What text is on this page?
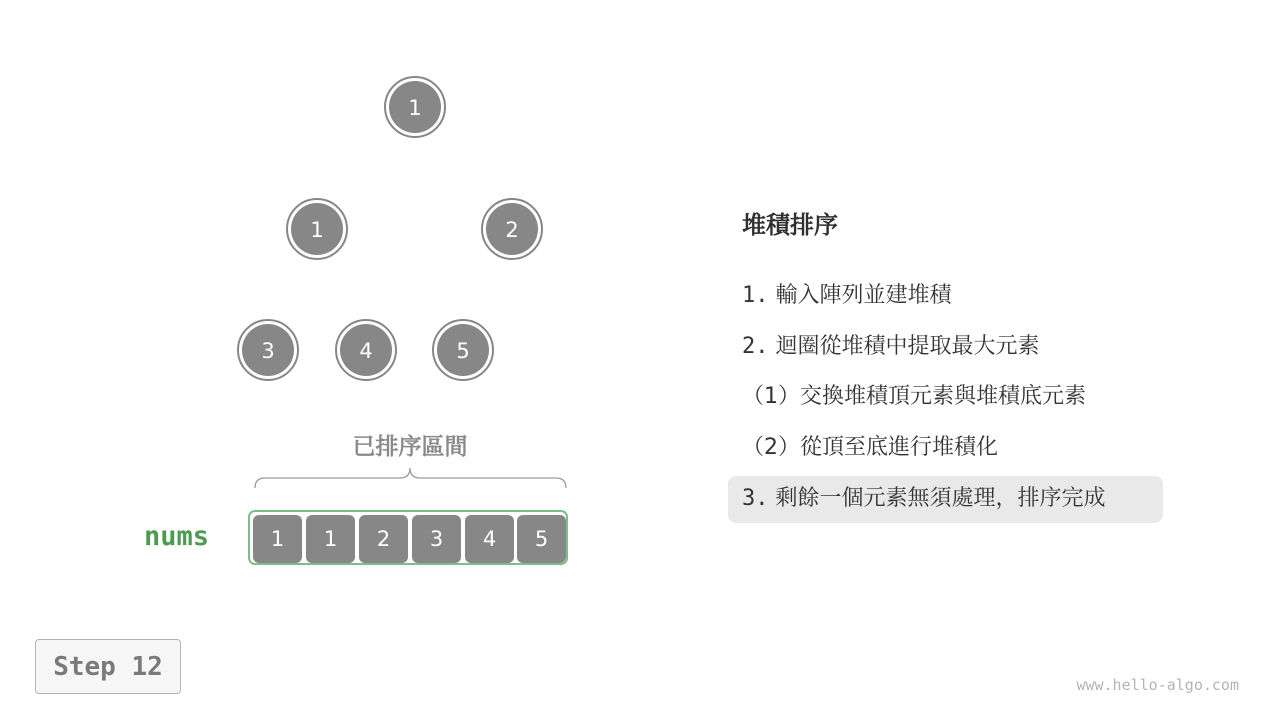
1
1	2
3	4	5
已排序區間
nums	1	1	2	3	4	5
堆積排序
1. 輸入陣列並建堆積
2. 迴圈從堆積中提取最大元素
（1）交換堆積頂元素與堆積底元素
（2）從頂至底進行堆積化
3. 剩餘一個元素無須處理，排序完成
Step 12
www.hello-algo.com
